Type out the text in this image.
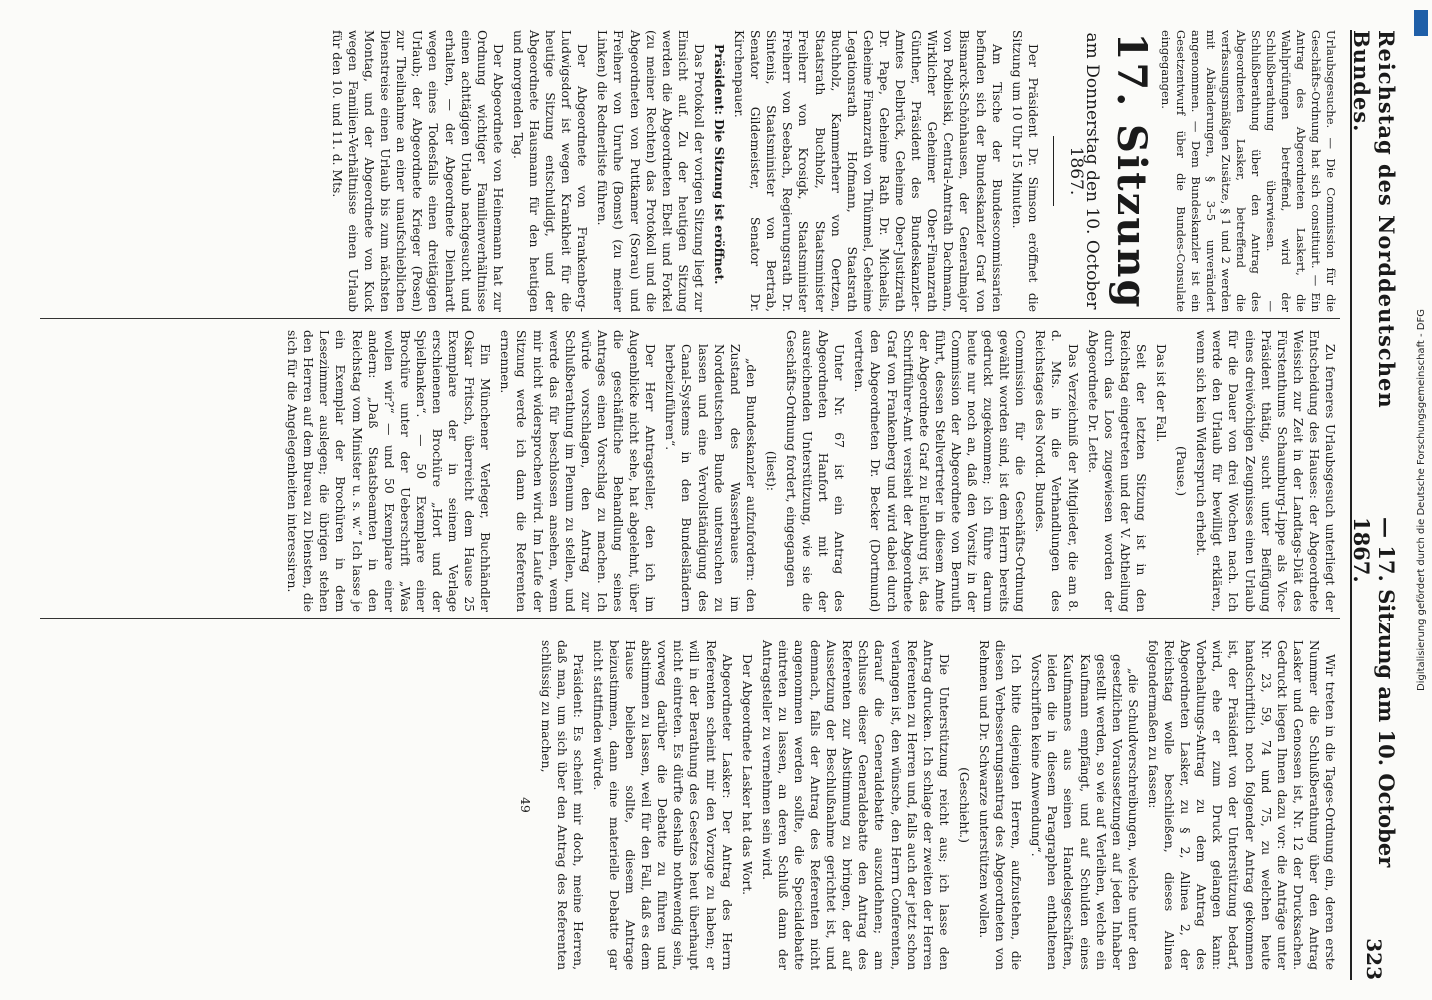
Reichstag des Norddeutschen Bundes.
— 17. Sitzung am 10. October 1867.
323

Urlaubsgesuche. — Die Commission für die Geschäfts-Ordnung hat sich constituirt. — Ein Antrag des Abgeordneten Laskert, die Wahlprüfungen betreffend, wird der Schlußberathung überwiesen. — Schlußberathung über den Antrag des Abgeordneten Lasker, betreffend die verfassungsmäßigen Zusätze, § 1 und 2 werden mit Abänderungen, § 3–5 unverändert angenommen. — Dem Bundeskanzler ist ein Gesetzentwurf über die Bundes-Consulate eingegangen.

17. Sitzung
am Donnerstag den 10. October 1867.

Der Präsident Dr. Simson eröffnet die Sitzung um 10 Uhr 15 Minuten.

Am Tische der Bundescommissarien befinden sich der Bundeskanzler Graf von Bismarck-Schönhausen, der Generalmajor von Podbielski, Central-Amtrath Dachmann, Wirklicher Geheimer Ober-Finanzrath Günther, Präsident des Bundeskanzler-Amtes Delbrück, Geheime Ober-Justizrath Dr. Pape, Geheime Rath Dr. Michaelis, Geheime Finanzrath von Thümmel, Geheime Legationsrath Hofmann, Staatsrath Buchholz, Kammerherr von Oertzen, Staatsrath Buchholz, Staatsminister Freiherr von Krosigk, Staatsminister Freiherr von Seebach, Regierungsrath Dr. Sintenis, Staatsminister von Bertrab, Senator Gildemeister, Senator Dr. Kirchenpauer.

Präsident: Die Sitzung ist eröffnet.

Das Protokoll der vorigen Sitzung liegt zur Einsicht auf. Zu der heutigen Sitzung werden die Abgeordneten Ebelt und Forkel (zu meiner Rechten) das Protokoll und die Abgeordneten von Puttkamer (Sorau) und Freiherr von Unruhe (Bomst) (zu meiner Linken) die Rednerliste führen.

Der Abgeordnete von Frankenberg-Ludwigsdorf ist wegen Krankheit für die heutige Sitzung entschuldigt, und der Abgeordnete Hausmann für den heutigen und morgenden Tag.

Der Abgeordnete von Heinemann hat zur Ordnung wichtiger Familienverhältnisse einen achttägigen Urlaub nachgesucht und erhalten, — der Abgeordnete Dienhardt wegen eines Todesfalls einen dreitägigen Urlaub; der Abgeordnete Krieger (Posen) zur Theilnahme an einer unaufschieblichen Dienstreise einen Urlaub bis zum nächsten Montag, und der Abgeordnete von Kuck wegen Familien-Verhältnisse einen Urlaub für den 10. und 11. d. Mts.

Zu ferneres Urlaubsgesuch unterliegt der Entscheidung des Hauses: der Abgeordnete Weissich zur Zeit in der Landtags-Diät des Fürstenthums Schaumburg-Lippe als Vice-Präsident thätig, sucht unter Beifügung eines dreiwöchigen Zeugnisses einen Urlaub für die Dauer von drei Wochen nach. Ich werde den Urlaub für bewilligt erklären, wenn sich kein Widerspruch erhebt.

(Pause.)

Das ist der Fall.

Seit der letzten Sitzung ist in den Reichstag eingetreten und der V. Abtheilung durch das Loos zugewiesen worden der Abgeordnete Dr. Lette.

Das Verzeichniß der Mitglieder, die am 8. d. Mts. in die Verhandlungen des Reichstages des Nordd. Bundes.

Commission für die Geschäfts-Ordnung gewählt worden sind, ist dem Herrn bereits gedruckt zugekommen; ich führe darum heute nur noch an, daß den Vorsitz in der Commission der Abgeordnete von Bernuth führt, dessen Stellvertreter in diesem Amte der Abgeordnete Graf zu Eulenburg ist, das Schriftführer-Amt versieht der Abgeordnete Graf von Frankenberg und wird dabei durch den Abgeordneten Dr. Becker (Dortmund) vertreten.

Unter Nr. 67 ist ein Antrag des Abgeordneten Hanfort mit der ausreichenden Unterstützung, wie sie die Geschäfts-Ordnung fordert, eingegangen

(liest):

„den Bundeskanzler aufzufordern: den Zustand des Wasserbaues im Norddeutschen Bunde untersuchen zu lassen und eine Vervollständigung des Canal-Systems in den Bundesländern herbeizuführen“.

Der Herr Antragsteller, den ich im Augenblicke nicht sehe, hat abgelehnt, über die geschäftliche Behandlung seines Antrages einen Vorschlag zu machen. Ich würde vorschlagen, den Antrag zur Schlußberathung im Plenum zu stellen, und werde das für beschlossen ansehen, wenn mir nicht widersprochen wird. Im Laufe der Sitzung werde ich dann die Referenten ernennen.

Ein Münchener Verleger, Buchhändler Oskar Fritsch, überreicht dem Hause 25 Exemplare der in seinem Verlage erschienenen Brochüre „Hort und der Spielbanken“. — 50 Exemplare einer Brochüre unter der Ueberschrift „Was wollen wir?“ — und 50 Exemplare einer andern: „Daß Staatsbeamten in den Reichstag vom Minister u. s. w.“ Ich lasse je ein Exemplar der Brochüren in dem Lesezimmer auslegen; die übrigen stehen den Herren auf dem Bureau zu Diensten, die sich für die Angelegenheiten interessiren.

Wir treten in die Tages-Ordnung ein, deren erste Nummer die Schlußberathung über den Antrag Lasker und Genossen ist, Nr. 12 der Drucksachen. Gedruckt liegen Ihnen dazu vor: die Anträge unter Nr. 23, 59, 74 und 75, zu welchen heute handschriftlich noch folgender Antrag gekommen ist, der Präsident von der Unterstützung bedarf, wird, ehe er zum Druck gelangen kann: Vorbehaltungs-Antrag zu dem Antrag des Abgeordneten Lasker, zu § 2, Alinea 2, der Reichstag wolle beschließen, dieses Alinea folgendermaßen zu fassen:

„die Schuldverschreibungen, welche unter den gesetzlichen Voraussetzungen auf jeden Inhaber gestellt werden, so wie auf Verleihen, welche ein Kaufmann empfängt, und auf Schulden eines Kaufmannes aus seinen Handelsgeschäften, leiden die in diesem Paragraphen enthaltenen Vorschriften keine Anwendung“.

Ich bitte diejenigen Herren, aufzustehen, die diesen Verbesserungsantrag des Abgeordneten von Rehmen und Dr. Schwarze unterstützen wollen.

(Geschieht.)

Die Unterstützung reicht aus; ich lasse den Antrag drucken. Ich schlage der zweiten der Herren Referenten zu Herren und, falls auch der jetzt schon verlangen ist, den wünsche, den Herrn Conferenten, darauf die Generaldebatte auszudehnen; am Schlusse dieser Generaldebatte den Antrag des Referenten zur Abstimmung zu bringen, der auf Aussetzung der Beschlußnahme gerichtet ist, und demnach, falls der Antrag des Referenten nicht angenommen werden sollte, die Specialdebatte eintreten zu lassen, an deren Schluß dann der Antragsteller zu vernehmen sein wird.

Der Abgeordnete Lasker hat das Wort.

Abgeordneter Lasker: Der Antrag des Herrn Referenten scheint mir den Vorzuge zu haben; er will in der Berathung des Gesetzes heut überhaupt nicht eintreten. Es dürfte deshalb nothwendig sein, vorweg darüber die Debatte zu führen und abstimmen zu lassen, weil für den Fall, daß es dem Hause belieben sollte, diesem Antrage beizustimmen, dann eine materielle Debatte gar nicht stattfinden würde.

Präsident: Es scheint mir doch, meine Herren, daß man, um sich über den Antrag des Referenten schlüssig zu machen,

49

Digitalisierung gefördert durch die Deutsche Forschungsgemeinschaft - DFG
